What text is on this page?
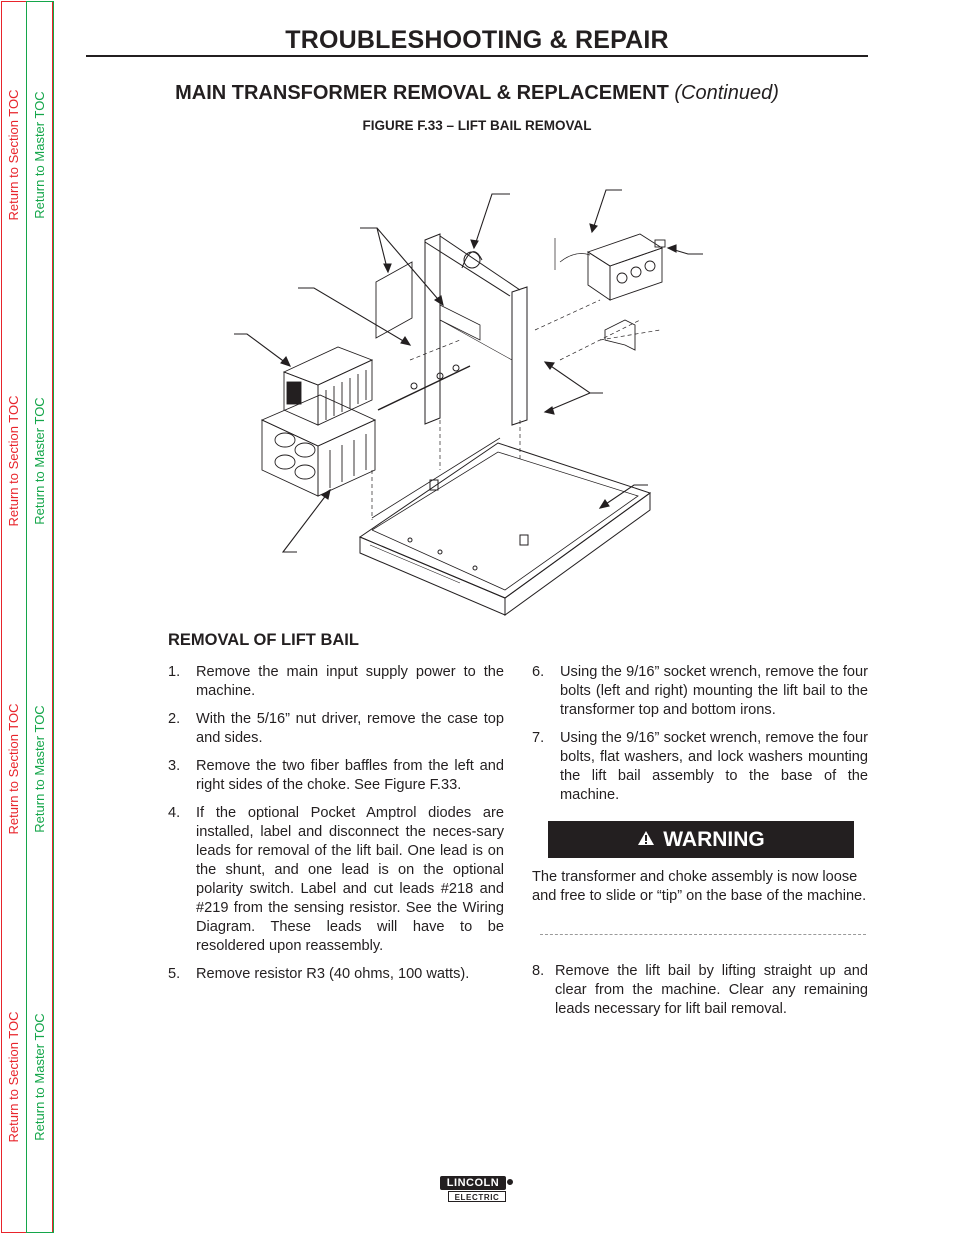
Return to Section TOC Return to Master TOC
Return to Section TOC Return to Master TOC
Return to Section TOC Return to Master TOC
Return to Section TOC Return to Master TOC
TROUBLESHOOTING & REPAIR
MAIN TRANSFORMER REMOVAL & REPLACEMENT (Continued)
FIGURE F.33 – LIFT BAIL REMOVAL
REMOVAL OF LIFT BAIL
1. Remove the main input supply power to the machine.
2. With the 5/16” nut driver, remove the case top and sides.
3. Remove the two fiber baffles from the left and right sides of the choke. See Figure F.33.
4. If the optional Pocket Amptrol diodes are installed, label and disconnect the neces-sary leads for removal of the lift bail. One lead is on the shunt, and one lead is on the optional polarity switch. Label and cut leads #218 and #219 from the sensing resistor. See the Wiring Diagram. These leads will have to be resoldered upon reassembly.
5. Remove resistor R3 (40 ohms, 100 watts).
6. Using the 9/16” socket wrench, remove the four bolts (left and right) mounting the lift bail to the transformer top and bottom irons.
7. Using the 9/16” socket wrench, remove the four bolts, flat washers, and lock washers mounting the lift bail assembly to the base of the machine.
WARNING
The transformer and choke assembly is now loose and free to slide or “tip” on the base of the machine.
8. Remove the lift bail by lifting straight up and clear from the machine. Clear any remaining leads necessary for lift bail removal.
LINCOLN
ELECTRIC
